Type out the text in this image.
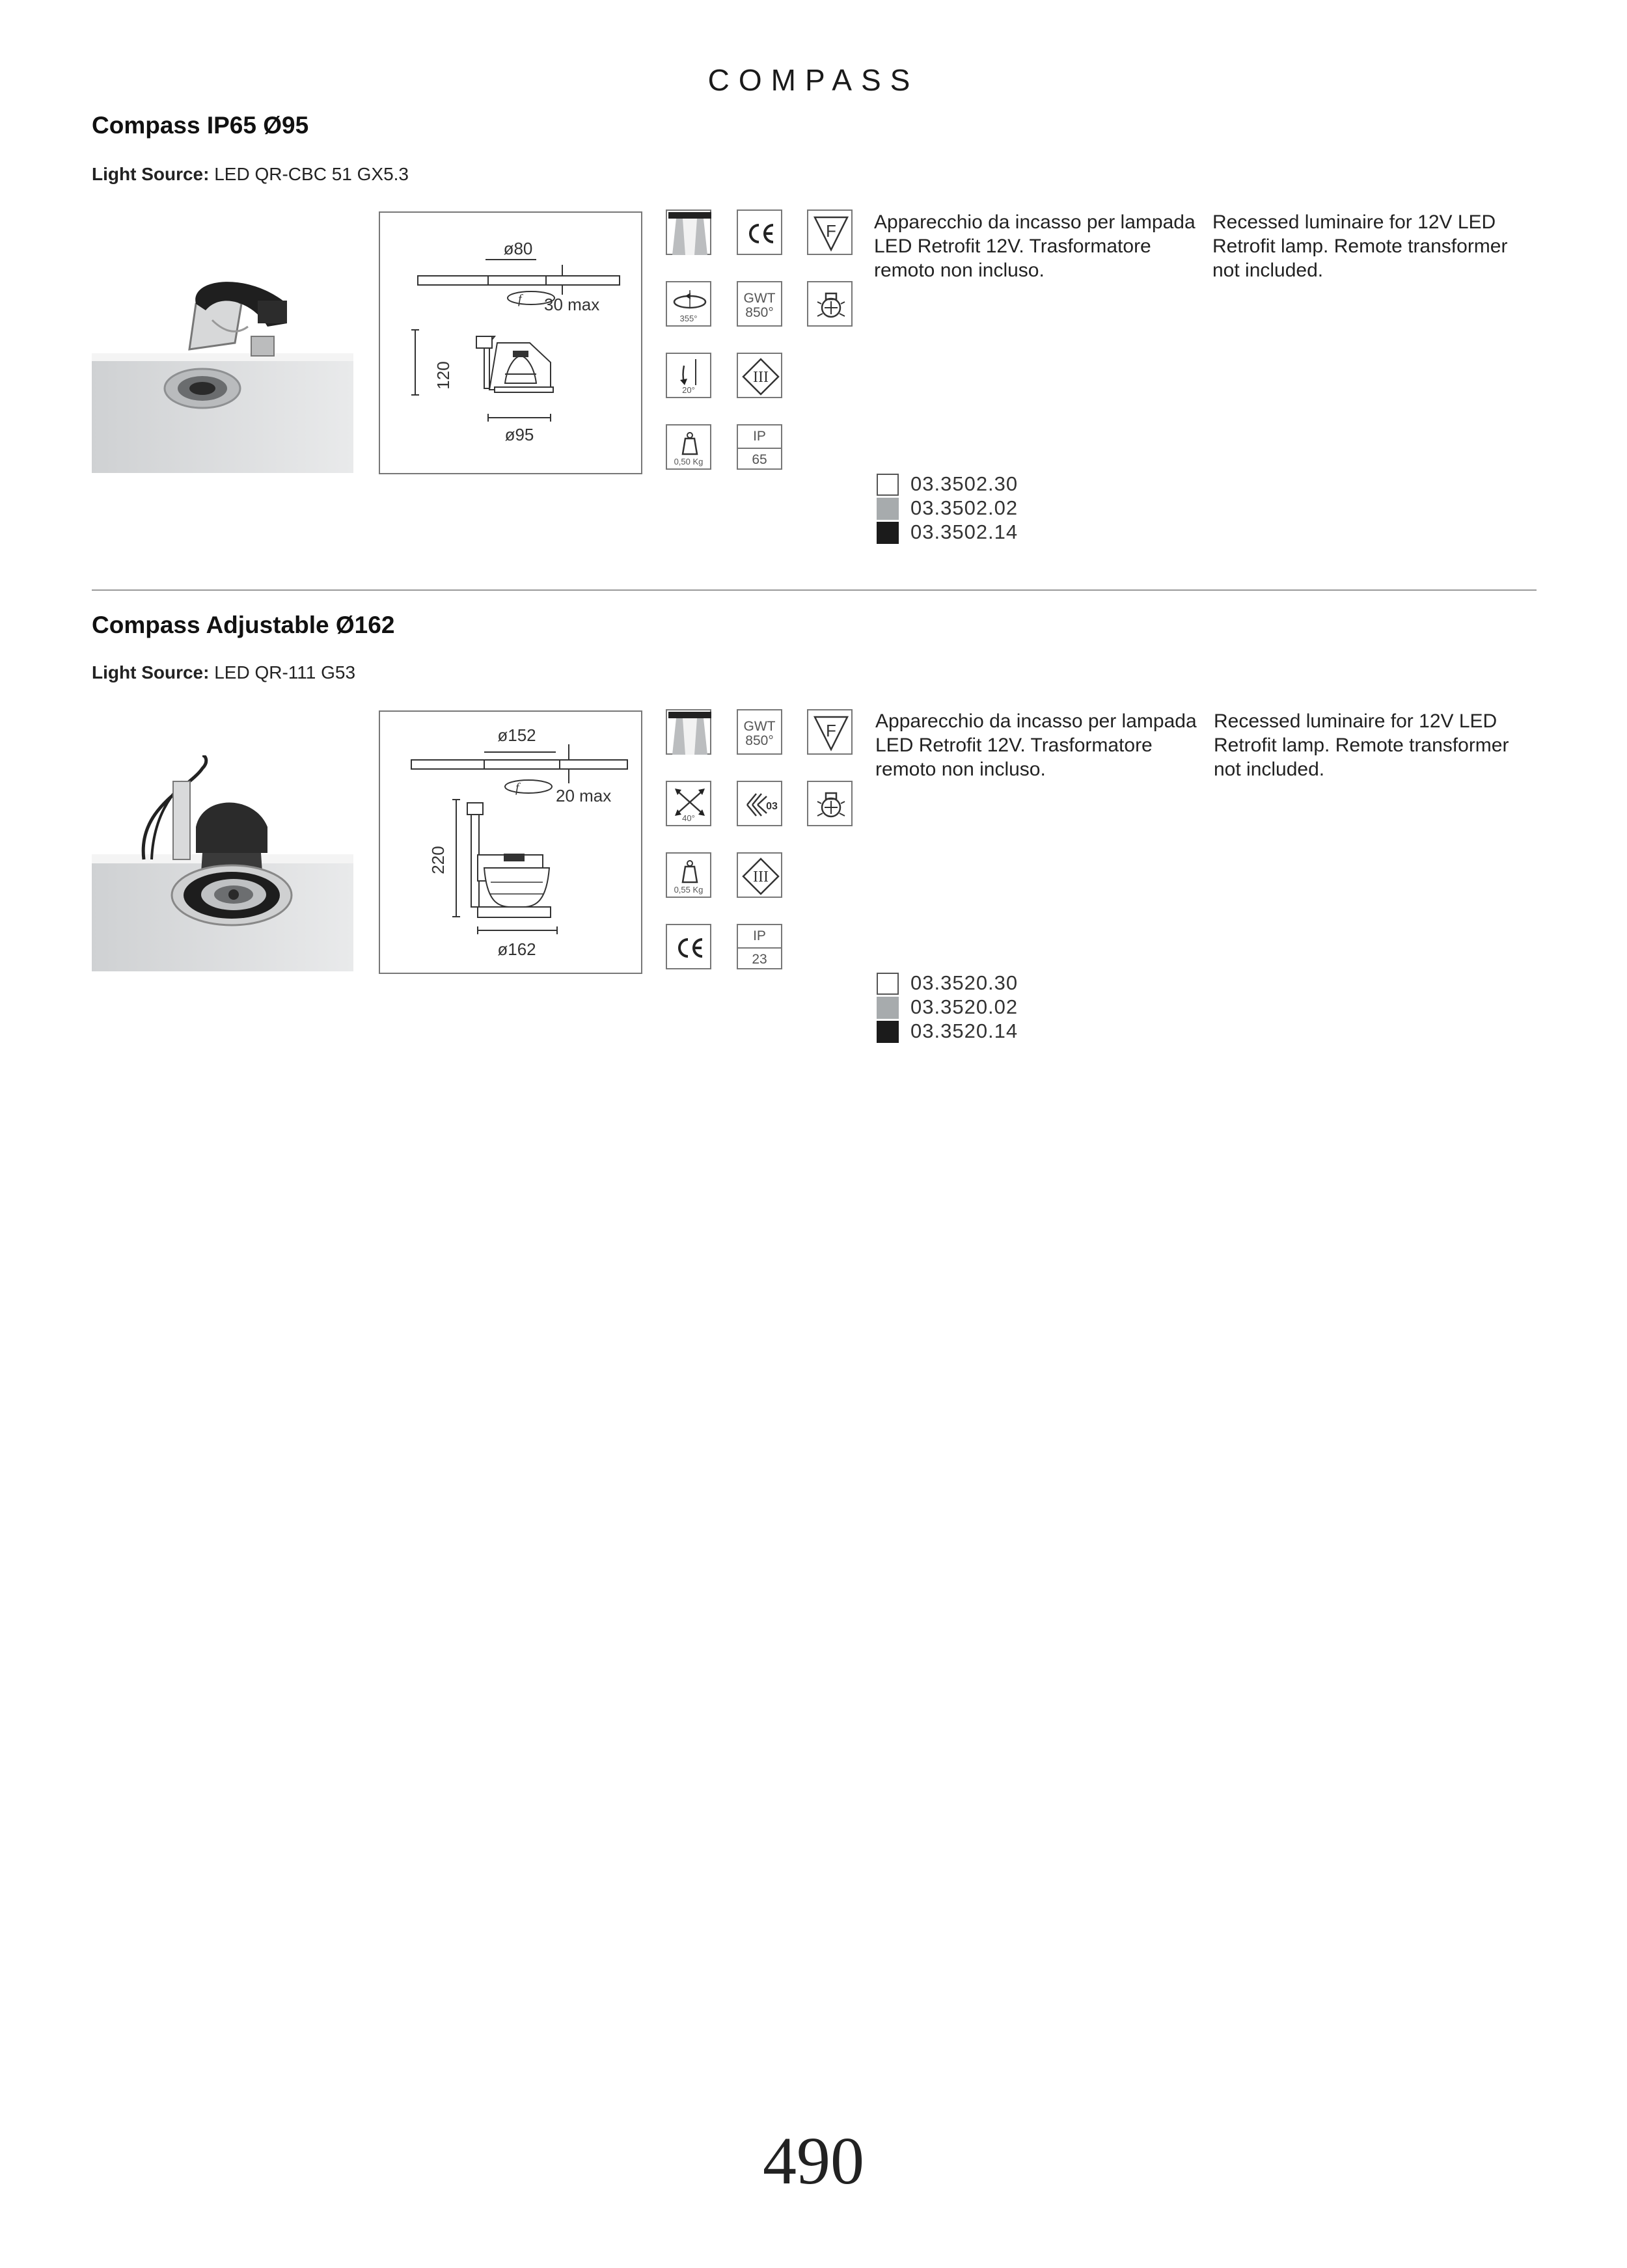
COMPASS
Compass IP65 Ø95
Light Source: LED QR-CBC 51 GX5.3
ø80
f 30 max
120
ø95
F
355°
GWT
850°
20°
III
0,50 Kg
IP
65
Apparecchio da incasso per lampada LED Retrofit 12V. Trasformatore remoto non incluso.
Recessed luminaire for 12V LED Retrofit lamp. Remote transformer not included.
03.3502.30
03.3502.02
03.3502.14
Compass Adjustable Ø162
Light Source: LED QR-111 G53
ø152
f 20 max
220
ø162
GWT
850°
F
40°
03
0,55 Kg
III
IP
23
Apparecchio da incasso per lampada LED Retrofit 12V. Trasformatore remoto non incluso.
Recessed luminaire for 12V LED Retrofit lamp. Remote transformer not included.
03.3520.30
03.3520.02
03.3520.14
490
